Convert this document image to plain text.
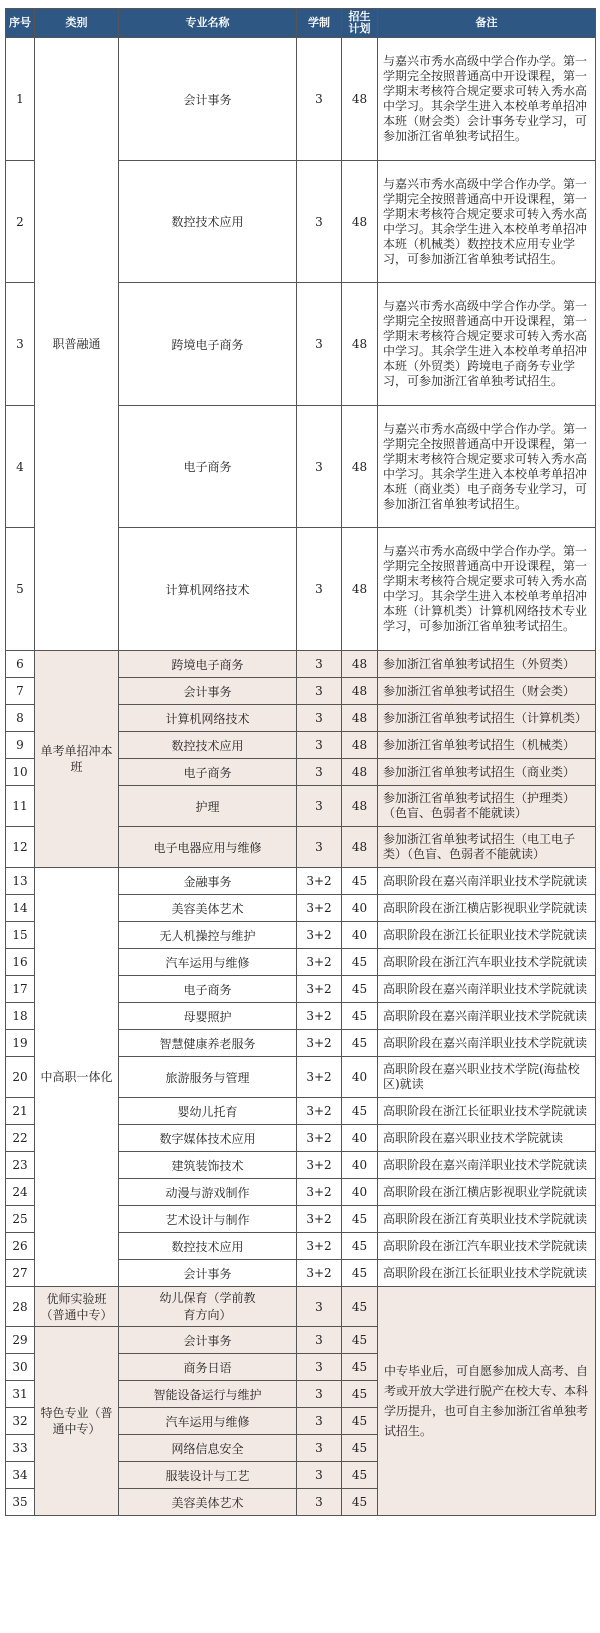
序号	类别	专业名称	学制	招生计划	备注
1	职普融通	会计事务	3	48	与嘉兴市秀水高级中学合作办学。第一学期完全按照普通高中开设课程，第一学期末考核符合规定要求可转入秀水高中学习。其余学生进入本校单考单招冲本班（财会类）会计事务专业学习，可参加浙江省单独考试招生。
2		数控技术应用	3	48	与嘉兴市秀水高级中学合作办学。第一学期完全按照普通高中开设课程，第一学期末考核符合规定要求可转入秀水高中学习。其余学生进入本校单考单招冲本班（机械类）数控技术应用专业学习，可参加浙江省单独考试招生。
3		跨境电子商务	3	48	与嘉兴市秀水高级中学合作办学。第一学期完全按照普通高中开设课程，第一学期末考核符合规定要求可转入秀水高中学习。其余学生进入本校单考单招冲本班（外贸类）跨境电子商务专业学习，可参加浙江省单独考试招生。
4		电子商务	3	48	与嘉兴市秀水高级中学合作办学。第一学期完全按照普通高中开设课程，第一学期末考核符合规定要求可转入秀水高中学习。其余学生进入本校单考单招冲本班（商业类）电子商务专业学习，可参加浙江省单独考试招生。
5		计算机网络技术	3	48	与嘉兴市秀水高级中学合作办学。第一学期完全按照普通高中开设课程，第一学期末考核符合规定要求可转入秀水高中学习。其余学生进入本校单考单招冲本班（计算机类）计算机网络技术专业学习，可参加浙江省单独考试招生。
6	单考单招冲本班	跨境电子商务	3	48	参加浙江省单独考试招生（外贸类）
7		会计事务	3	48	参加浙江省单独考试招生（财会类）
8		计算机网络技术	3	48	参加浙江省单独考试招生（计算机类）
9		数控技术应用	3	48	参加浙江省单独考试招生（机械类）
10		电子商务	3	48	参加浙江省单独考试招生（商业类）
11		护理	3	48	参加浙江省单独考试招生（护理类）（色盲、色弱者不能就读）
12		电子电器应用与维修	3	48	参加浙江省单独考试招生（电工电子类）（色盲、色弱者不能就读）
13	中高职一体化	金融事务	3+2	45	高职阶段在嘉兴南洋职业技术学院就读
14		美容美体艺术	3+2	40	高职阶段在浙江横店影视职业学院就读
15		无人机操控与维护	3+2	40	高职阶段在浙江长征职业技术学院就读
16		汽车运用与维修	3+2	45	高职阶段在浙江汽车职业技术学院就读
17		电子商务	3+2	45	高职阶段在嘉兴南洋职业技术学院就读
18		母婴照护	3+2	45	高职阶段在嘉兴南洋职业技术学院就读
19		智慧健康养老服务	3+2	45	高职阶段在嘉兴南洋职业技术学院就读
20		旅游服务与管理	3+2	40	高职阶段在嘉兴职业技术学院(海盐校区)就读
21		婴幼儿托育	3+2	45	高职阶段在浙江长征职业技术学院就读
22		数字媒体技术应用	3+2	40	高职阶段在嘉兴职业技术学院就读
23		建筑装饰技术	3+2	40	高职阶段在嘉兴南洋职业技术学院就读
24		动漫与游戏制作	3+2	40	高职阶段在浙江横店影视职业学院就读
25		艺术设计与制作	3+2	45	高职阶段在浙江育英职业技术学院就读
26		数控技术应用	3+2	45	高职阶段在浙江汽车职业技术学院就读
27		会计事务	3+2	45	高职阶段在浙江长征职业技术学院就读
28	优师实验班（普通中专）	幼儿保育（学前教育方向）	3	45	中专毕业后，可自愿参加成人高考、自考或开放大学进行脱产在校大专、本科学历提升，也可自主参加浙江省单独考试招生。
29	特色专业（普通中专）	会计事务	3	45	
30		商务日语	3	45	
31		智能设备运行与维护	3	45	
32		汽车运用与维修	3	45	
33		网络信息安全	3	45	
34		服装设计与工艺	3	45	
35		美容美体艺术	3	45	
